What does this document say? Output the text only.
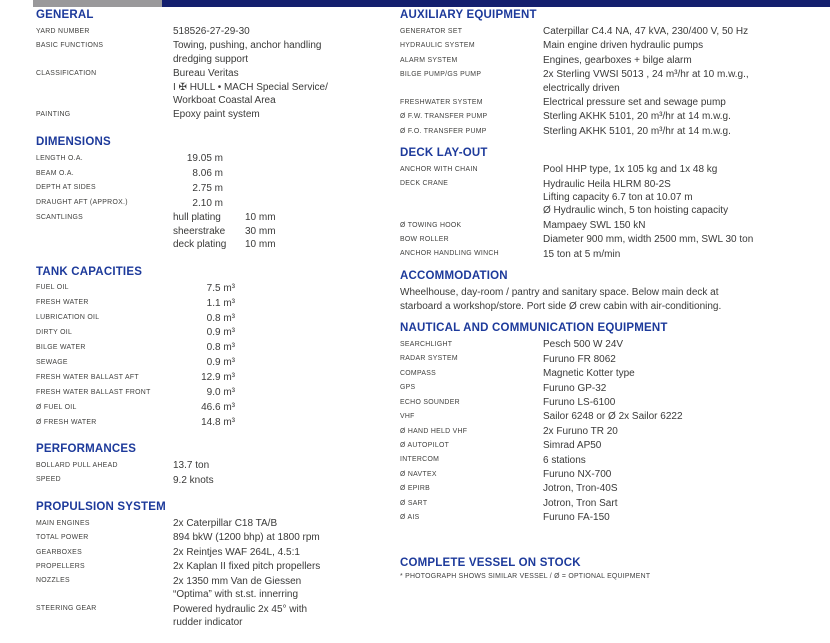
GENERAL
YARD NUMBER	518526-27-29-30
BASIC FUNCTIONS	Towing, pushing, anchor handling
dredging support
CLASSIFICATION	Bureau Veritas
I ✠ HULL • MACH Special Service/
Workboat Coastal Area
PAINTING	Epoxy paint system
DIMENSIONS
LENGTH O.A.	19.05 m
BEAM O.A.	8.06 m
DEPTH AT SIDES	2.75 m
DRAUGHT AFT (APPROX.)	2.10 m
SCANTLINGS	hull plating 10 mm
sheerstrake 30 mm
deck plating 10 mm
TANK CAPACITIES
FUEL OIL	7.5 m³
FRESH WATER	1.1 m³
LUBRICATION OIL	0.8 m³
DIRTY OIL	0.9 m³
BILGE WATER	0.8 m³
SEWAGE	0.9 m³
FRESH WATER BALLAST AFT	12.9 m³
FRESH WATER BALLAST FRONT	9.0 m³
Ø FUEL OIL	46.6 m³
Ø FRESH WATER	14.8 m³
PERFORMANCES
BOLLARD PULL AHEAD	13.7 ton
SPEED	9.2 knots
PROPULSION SYSTEM
MAIN ENGINES	2x Caterpillar C18 TA/B
TOTAL POWER	894 bkW (1200 bhp) at 1800 rpm
GEARBOXES	2x Reintjes WAF 264L, 4.5:1
PROPELLERS	2x Kaplan II fixed pitch propellers
NOZZLES	2x 1350 mm Van de Giessen
“Optima” with st.st. innerring
STEERING GEAR	Powered hydraulic 2x 45° with
rudder indicator
AUXILIARY EQUIPMENT
GENERATOR SET	Caterpillar C4.4 NA, 47 kVA, 230/400 V, 50 Hz
HYDRAULIC SYSTEM	Main engine driven hydraulic pumps
ALARM SYSTEM	Engines, gearboxes + bilge alarm
BILGE PUMP/GS PUMP	2x Sterling VWSI 5013 , 24 m³/hr at 10 m.w.g.,
electrically driven
FRESHWATER SYSTEM	Electrical pressure set and sewage pump
Ø F.W. TRANSFER PUMP	Sterling AKHK 5101, 20 m³/hr at 14 m.w.g.
Ø F.O. TRANSFER PUMP	Sterling AKHK 5101, 20 m³/hr at 14 m.w.g.
DECK LAY-OUT
ANCHOR WITH CHAIN	Pool HHP type, 1x 105 kg and 1x 48 kg
DECK CRANE	Hydraulic Heila HLRM 80-2S
Lifting capacity 6.7 ton at 10.07 m
Ø Hydraulic winch, 5 ton hoisting capacity
Ø TOWING HOOK	Mampaey SWL 150 kN
BOW ROLLER	Diameter 900 mm, width 2500 mm, SWL 30 ton
ANCHOR HANDLING WINCH	15 ton at 5 m/min
ACCOMMODATION
Wheelhouse, day-room / pantry and sanitary space. Below main deck at
starboard a workshop/store. Port side Ø crew cabin with air-conditioning.
NAUTICAL AND COMMUNICATION EQUIPMENT
SEARCHLIGHT	Pesch 500 W 24V
RADAR SYSTEM	Furuno FR 8062
COMPASS	Magnetic Kotter type
GPS	Furuno GP-32
ECHO SOUNDER	Furuno LS-6100
VHF	Sailor 6248 or Ø 2x Sailor 6222
Ø HAND HELD VHF	2x Furuno TR 20
Ø AUTOPILOT	Simrad AP50
INTERCOM	6 stations
Ø NAVTEX	Furuno NX-700
Ø EPIRB	Jotron, Tron-40S
Ø SART	Jotron, Tron Sart
Ø AIS	Furuno FA-150
COMPLETE VESSEL ON STOCK
* PHOTOGRAPH SHOWS SIMILAR VESSEL / Ø = OPTIONAL EQUIPMENT
